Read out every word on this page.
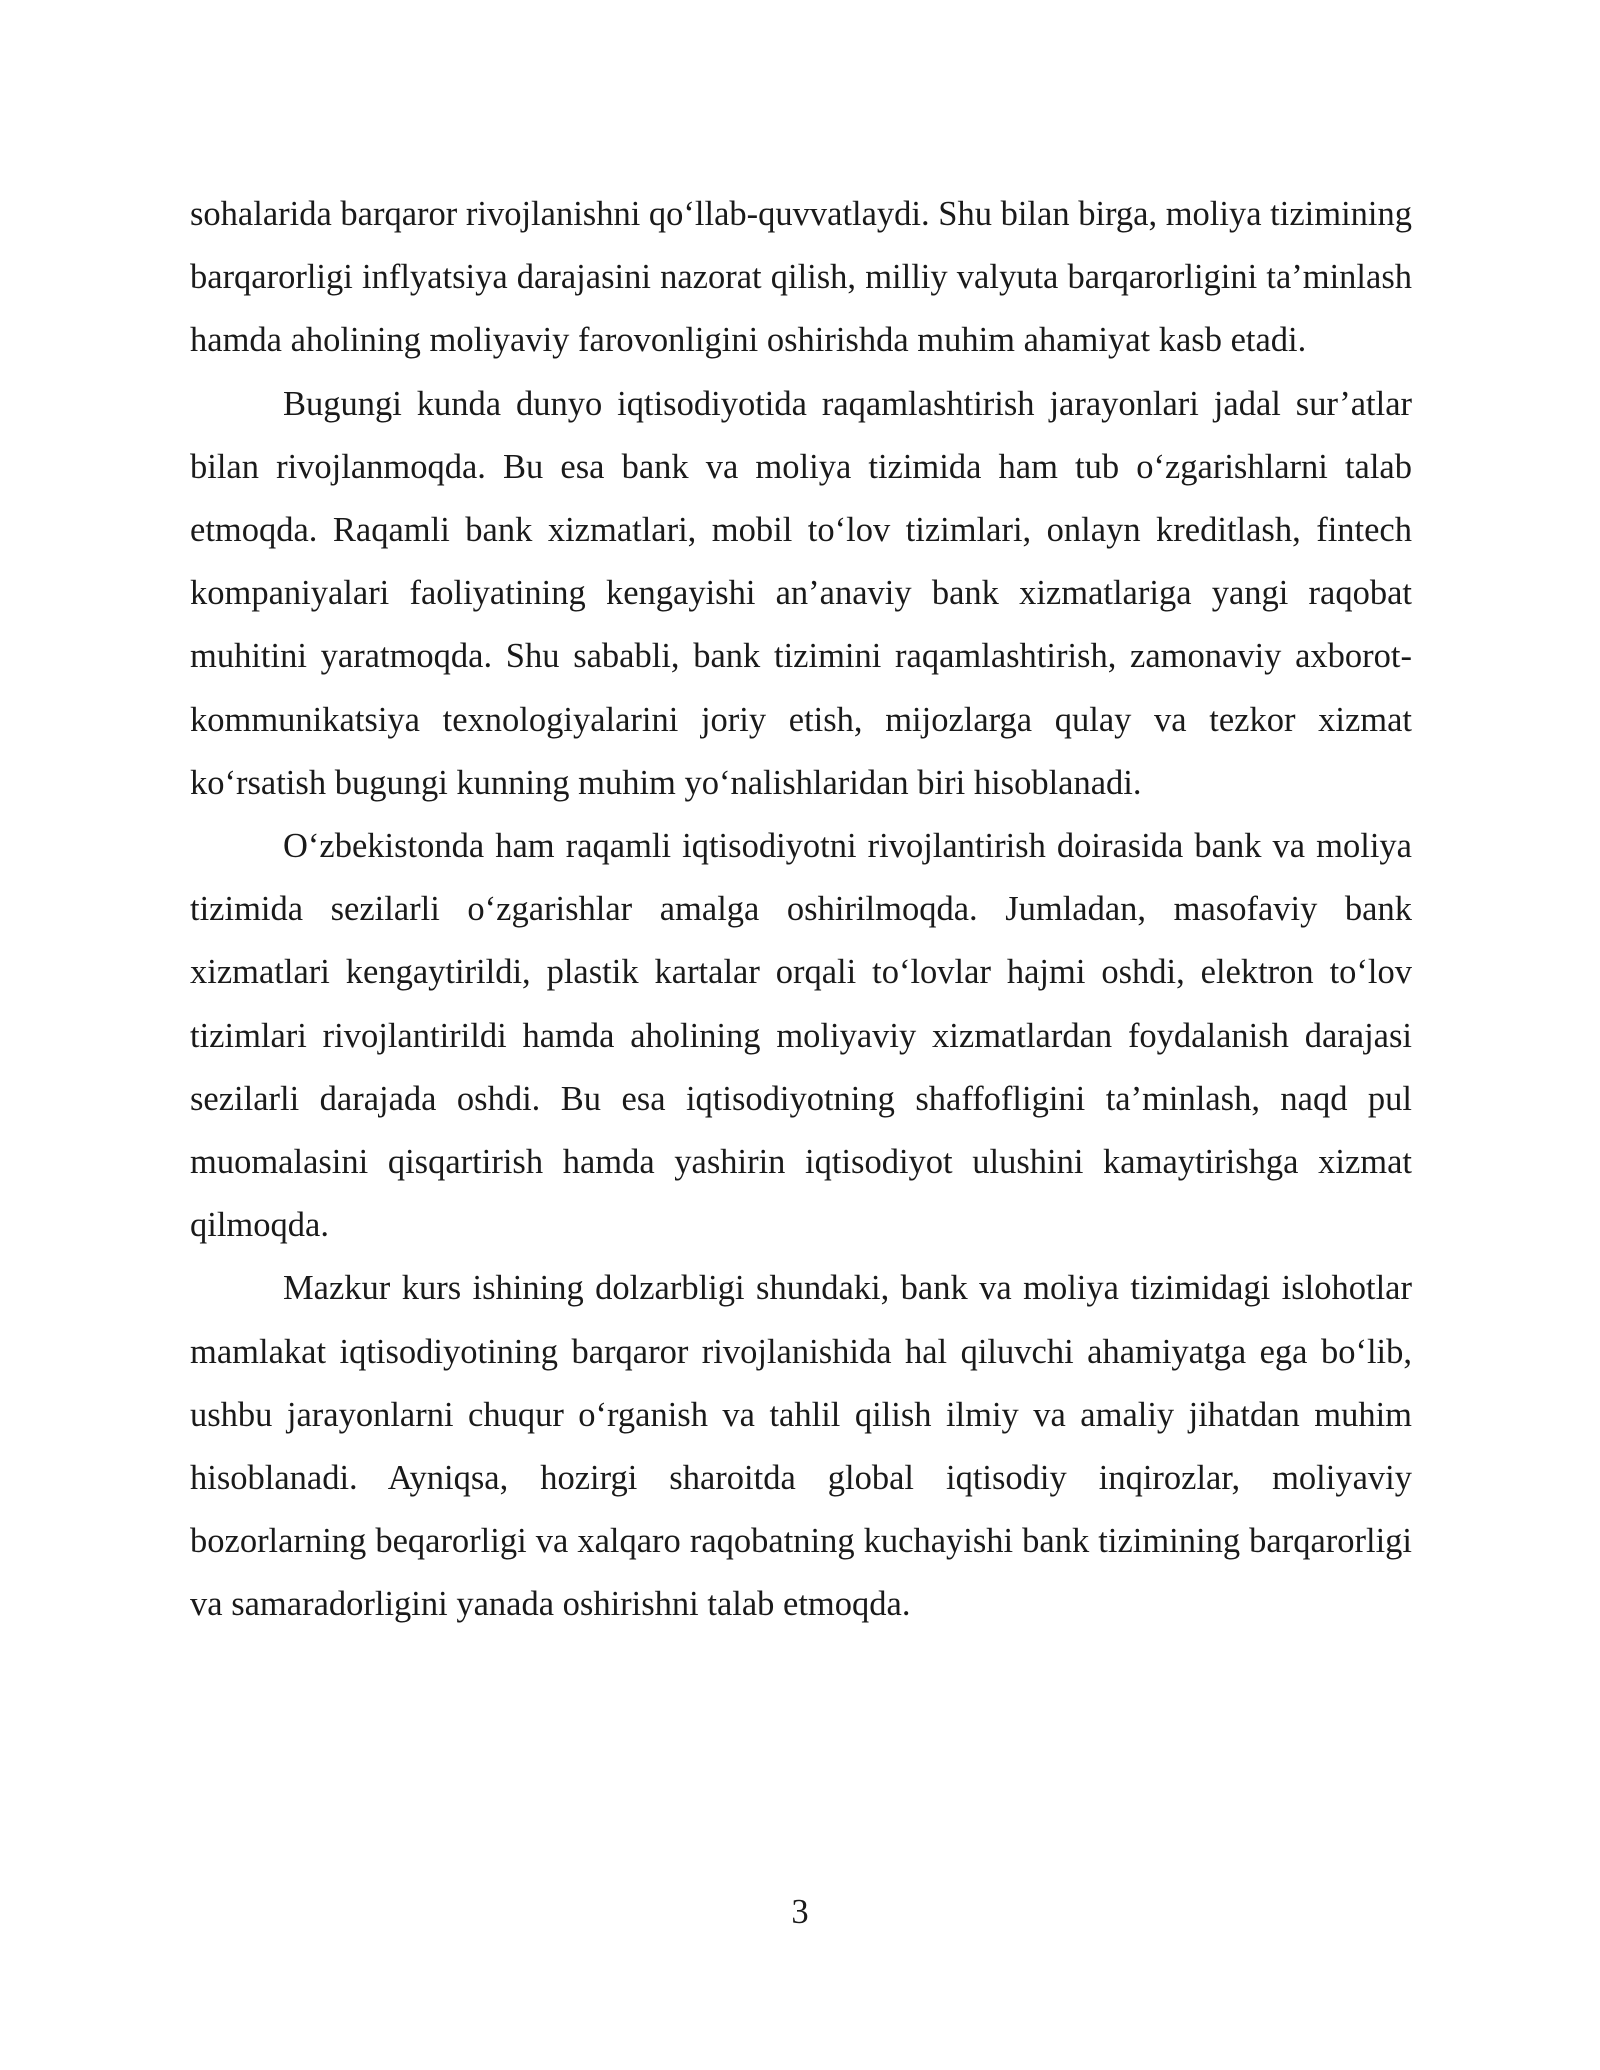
sohalarida barqaror rivojlanishni qo‘llab-quvvatlaydi. Shu bilan birga, moliya tizimining barqarorligi inflyatsiya darajasini nazorat qilish, milliy valyuta barqarorligini ta’minlash hamda aholining moliyaviy farovonligini oshirishda muhim ahamiyat kasb etadi.

Bugungi kunda dunyo iqtisodiyotida raqamlashtirish jarayonlari jadal sur’atlar bilan rivojlanmoqda. Bu esa bank va moliya tizimida ham tub o‘zgarishlarni talab etmoqda. Raqamli bank xizmatlari, mobil to‘lov tizimlari, onlayn kreditlash, fintech kompaniyalari faoliyatining kengayishi an’anaviy bank xizmatlariga yangi raqobat muhitini yaratmoqda. Shu sababli, bank tizimini raqamlashtirish, zamonaviy axborot-kommunikatsiya texnologiyalarini joriy etish, mijozlarga qulay va tezkor xizmat ko‘rsatish bugungi kunning muhim yo‘nalishlaridan biri hisoblanadi.

O‘zbekistonda ham raqamli iqtisodiyotni rivojlantirish doirasida bank va moliya tizimida sezilarli o‘zgarishlar amalga oshirilmoqda. Jumladan, masofaviy bank xizmatlari kengaytirildi, plastik kartalar orqali to‘lovlar hajmi oshdi, elektron to‘lov tizimlari rivojlantirildi hamda aholining moliyaviy xizmatlardan foydalanish darajasi sezilarli darajada oshdi. Bu esa iqtisodiyotning shaffofligini ta’minlash, naqd pul muomalasini qisqartirish hamda yashirin iqtisodiyot ulushini kamaytirishga xizmat qilmoqda.

Mazkur kurs ishining dolzarbligi shundaki, bank va moliya tizimidagi islohotlar mamlakat iqtisodiyotining barqaror rivojlanishida hal qiluvchi ahamiyatga ega bo‘lib, ushbu jarayonlarni chuqur o‘rganish va tahlil qilish ilmiy va amaliy jihatdan muhim hisoblanadi. Ayniqsa, hozirgi sharoitda global iqtisodiy inqirozlar, moliyaviy bozorlarning beqarorligi va xalqaro raqobatning kuchayishi bank tizimining barqarorligi va samaradorligini yanada oshirishni talab etmoqda.

3
